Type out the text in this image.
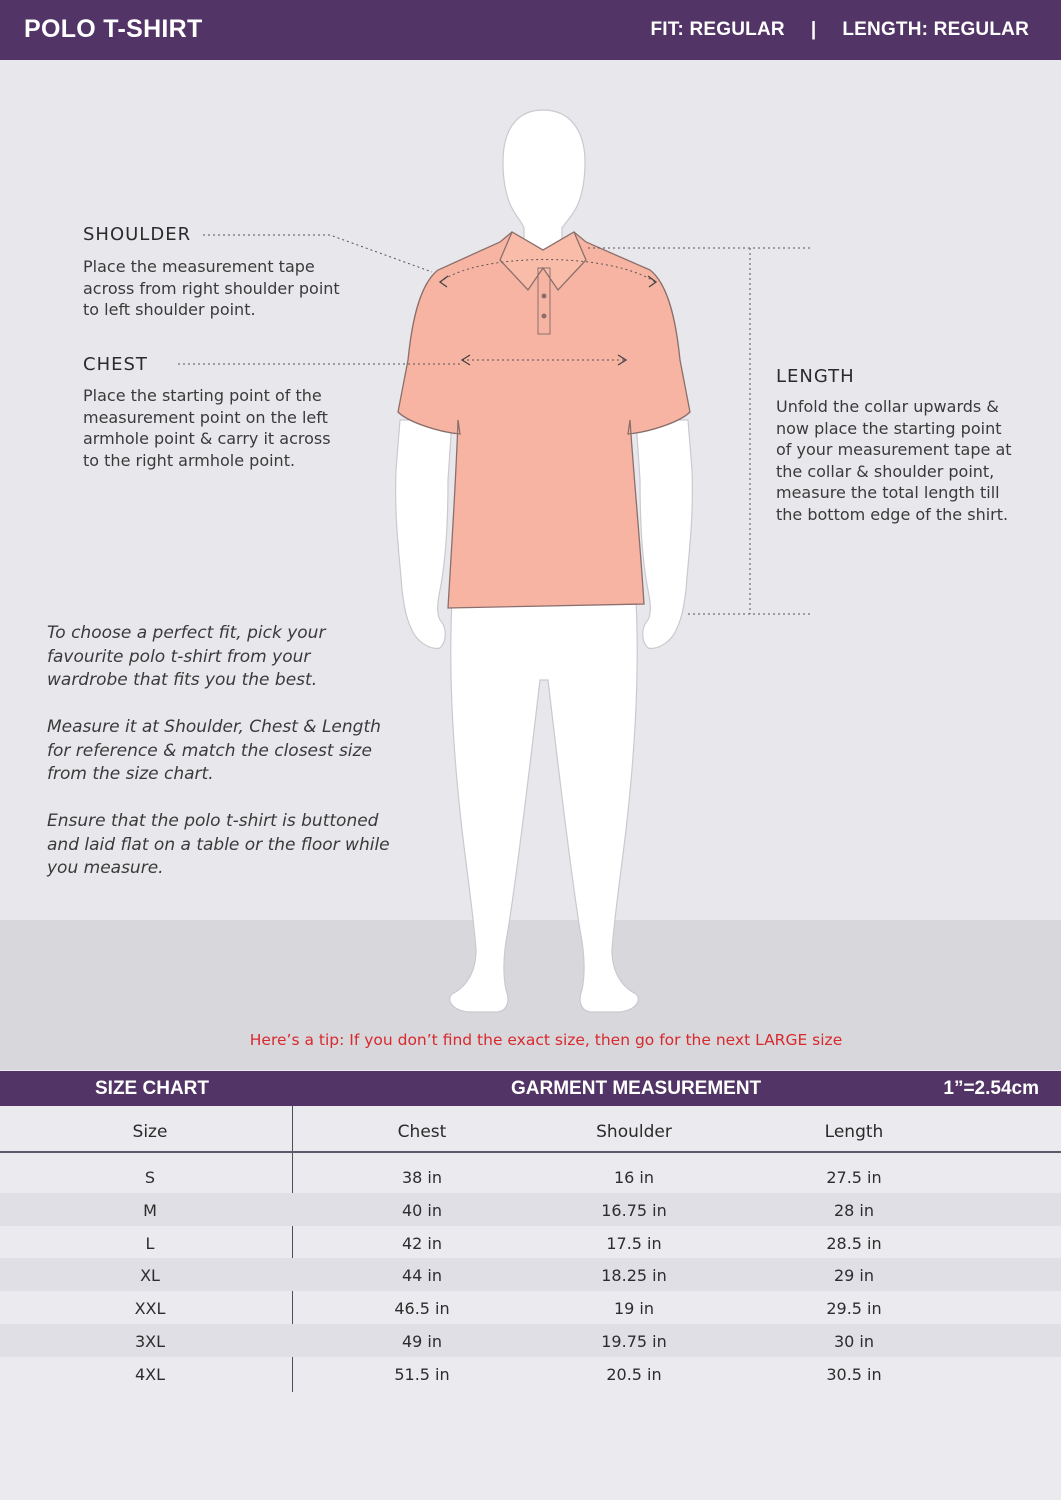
POLO T-SHIRT	FIT: REGULAR | LENGTH: REGULAR
SHOULDER
Place the measurement tape
across from right shoulder point
to left shoulder point.
CHEST
Place the starting point of the
measurement point on the left
armhole point & carry it across
to the right armhole point.
LENGTH
Unfold the collar upwards &
now place the starting point
of your measurement tape at
the collar & shoulder point,
measure the total length till
the bottom edge of the shirt.
To choose a perfect fit, pick your
favourite polo t-shirt from your
wardrobe that fits you the best.
Measure it at Shoulder, Chest & Length
for reference & match the closest size
from the size chart.
Ensure that the polo t-shirt is buttoned
and laid flat on a table or the floor while
you measure.
Here’s a tip: If you don’t find the exact size, then go for the next LARGE size
SIZE CHART	GARMENT MEASUREMENT	1”=2.54cm
Size	Chest	Shoulder	Length
S	38 in	16 in	27.5 in
M	40 in	16.75 in	28 in
L	42 in	17.5 in	28.5 in
XL	44 in	18.25 in	29 in
XXL	46.5 in	19 in	29.5 in
3XL	49 in	19.75 in	30 in
4XL	51.5 in	20.5 in	30.5 in
